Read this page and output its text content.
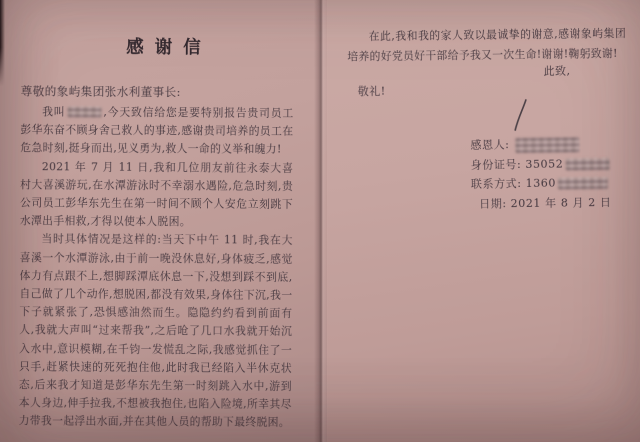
感谢信

尊敬的象屿集团张水利董事长:

我叫	,今天致信给您是要特别报告贵司员工彭华东奋不顾身舍己救人的事迹,感谢贵司培养的员工在危急时刻,挺身而出,见义勇为,救人一命的义举和魄力!

2021 年 7 月 11 日,我和几位朋友前往永泰大喜村大喜溪游玩,在水潭游泳时不幸溺水遇险,危急时刻,贵公司员工彭华东先生在第一时间不顾个人安危立刻跳下水潭出手相救,才得以使本人脱困。

当时具体情况是这样的:当天下中午 11 时,我在大喜溪一个水潭游泳,由于前一晚没休息好,身体疲乏,感觉体力有点跟不上,想脚踩潭底休息一下,没想到踩不到底,自己做了几个动作,想脱困,都没有效果,身体往下沉,我一下子就紧张了,恐惧感油然而生。隐隐约约看到前面有人,我就大声叫“过来帮我”,之后呛了几口水我就开始沉入水中,意识模糊,在千钧一发慌乱之际,我感觉抓住了一只手,赶紧快速的死死抱住他,此时我已经陷入半休克状态,后来我才知道是彭华东先生第一时刻跳入水中,游到本人身边,伸手拉我,不想被我抱住,也陷入险境,所幸其尽力带我一起浮出水面,并在其他人员的帮助下最终脱困。

在此,我和我的家人致以最诚挚的谢意,感谢象屿集团培养的好党员好干部给予我又一次生命!谢谢!鞠躬致谢!

此致,

敬礼!

感恩人:
身份证号: 35052
联系方式: 1360
日期: 2021 年 8 月 2 日
